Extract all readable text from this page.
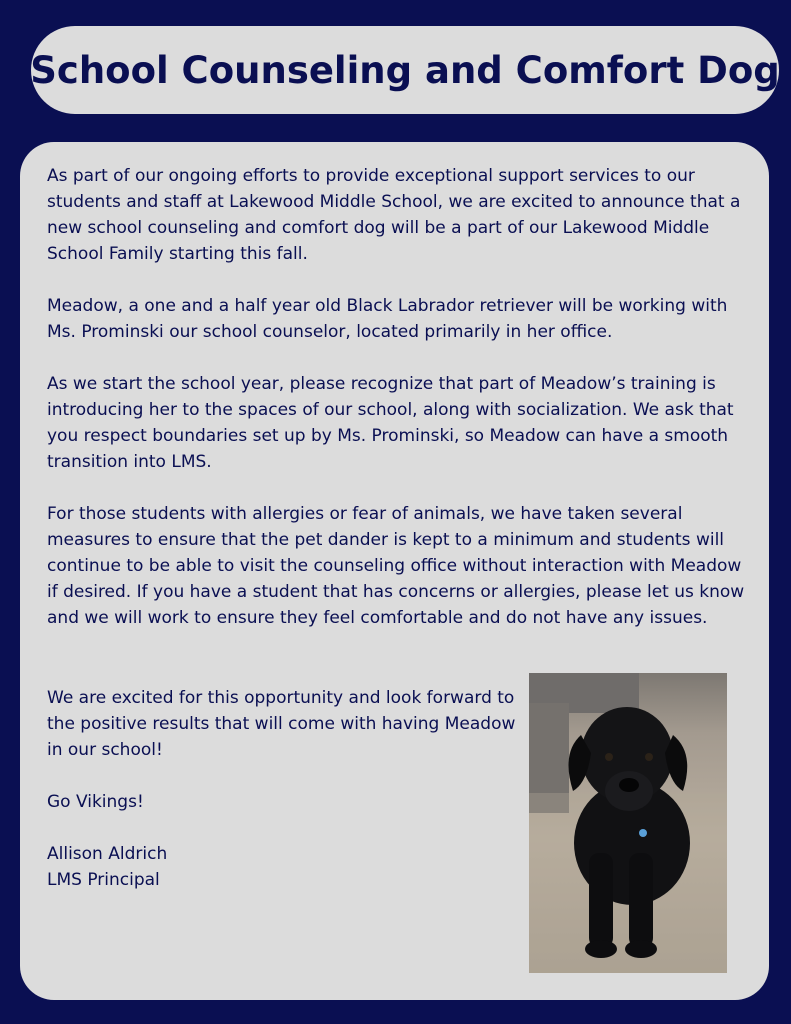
School Counseling and Comfort Dog

As part of our ongoing efforts to provide exceptional support services to our students and staff at Lakewood Middle School, we are excited to announce that a new school counseling and comfort dog will be a part of our Lakewood Middle School Family starting this fall.

Meadow, a one and a half year old Black Labrador retriever will be working with Ms. Prominski our school counselor, located primarily in her office.

As we start the school year, please recognize that part of Meadow’s training is introducing her to the spaces of our school, along with socialization. We ask that you respect boundaries set up by Ms. Prominski, so Meadow can have a smooth transition into LMS.

For those students with allergies or fear of animals, we have taken several measures to ensure that the pet dander is kept to a minimum and students will continue to be able to visit the counseling office without interaction with Meadow if desired. If you have a student that has concerns or allergies, please let us know and we will work to ensure they feel comfortable and do not have any issues.

We are excited for this opportunity and look forward to the positive results that will come with having Meadow in our school!

Go Vikings!

Allison Aldrich
LMS Principal
